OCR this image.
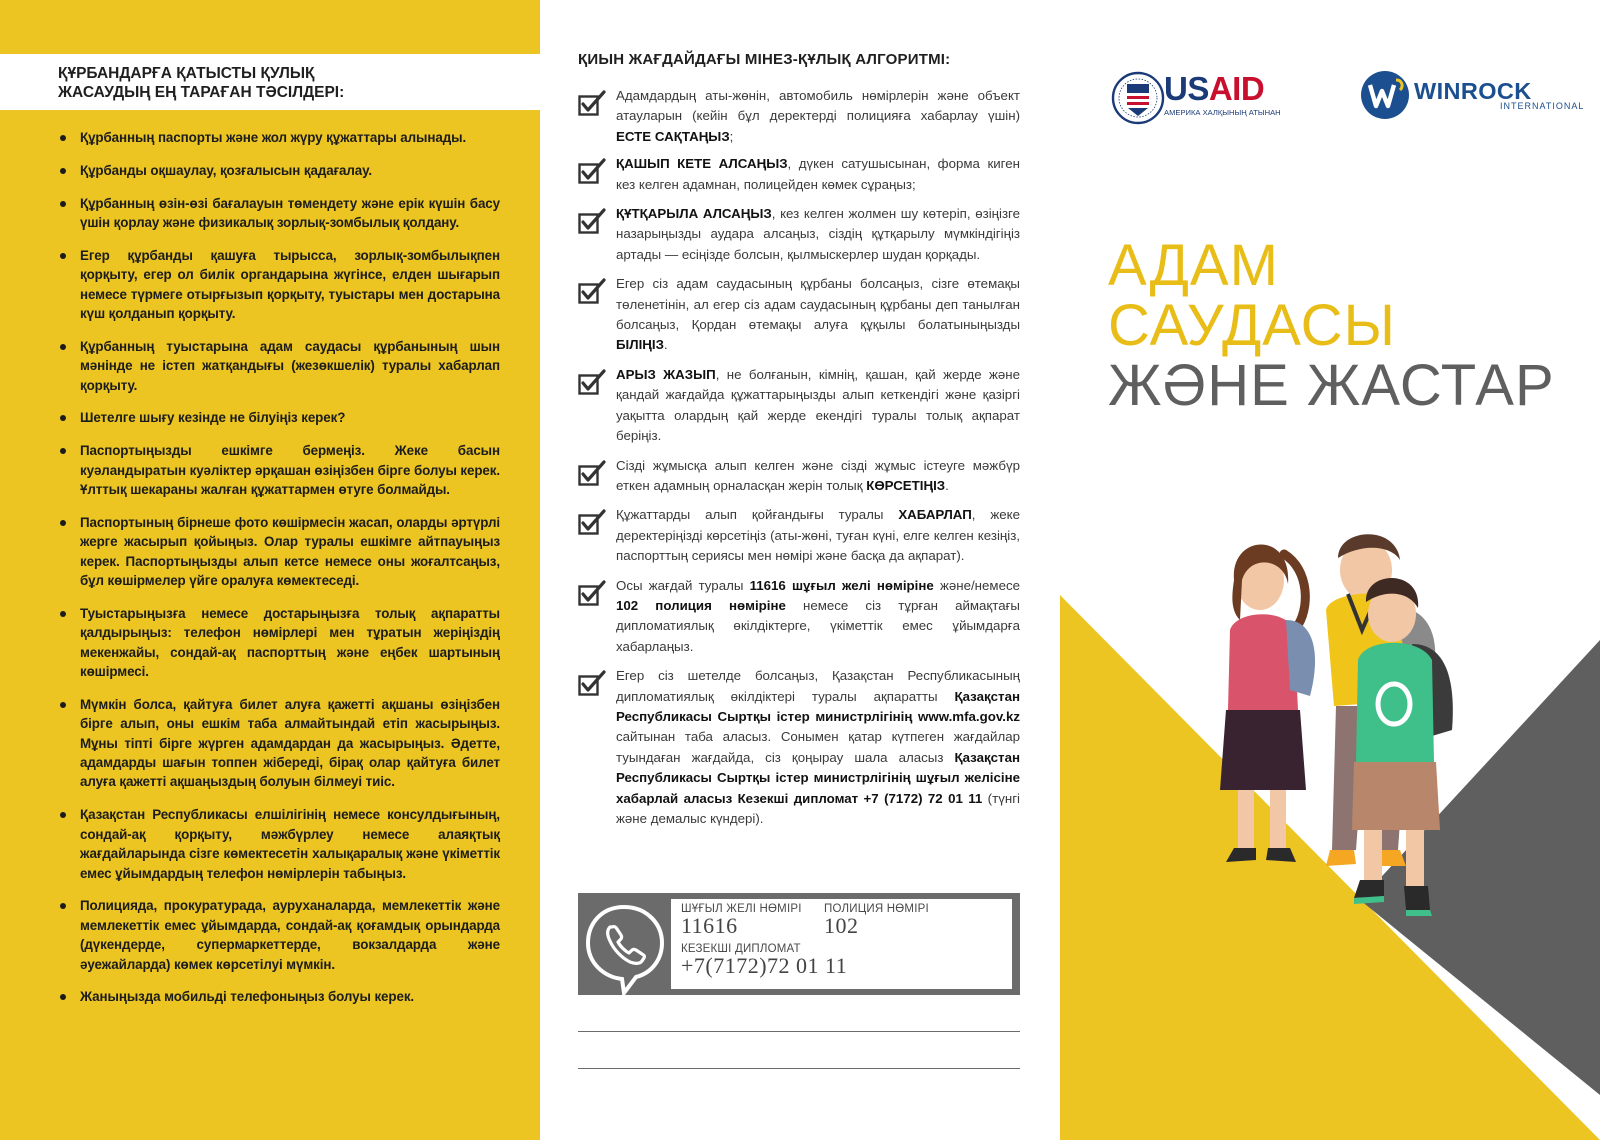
ҚҰРБАНДАРҒА ҚАТЫСТЫ ҚУЛЫҚ
ЖАСАУДЫҢ ЕҢ ТАРАҒАН ТӘСІЛДЕРІ:
Құрбанның паспорты және жол жүру құжаттары алынады.
Құрбанды оқшаулау, қозғалысын қадағалау.
Құрбанның өзін-өзі бағалауын төмендету және ерік күшін басу үшін қорлау және физикалық зорлық-зомбылық қолдану.
Егер құрбанды қашуға тырысса, зорлық-зомбылықпен қорқыту, егер ол билік органдарына жүгінсе, елден шығарып немесе түрмеге отырғызып қорқыту, туыстары мен достарына күш қолданып қорқыту.
Құрбанның туыстарына адам саудасы құрбанының шын мәнінде не істеп жатқандығы (жезөкшелік) туралы хабарлап қорқыту.
Шетелге шығу кезінде не білуіңіз керек?
Паспортыңызды ешкімге бермеңіз. Жеке басын куәландыратын куәліктер әрқашан өзіңізбен бірге болуы керек. Ұлттық шекараны жалған құжаттармен өтуге болмайды.
Паспортының бірнеше фото көшірмесін жасап, оларды әртүрлі жерге жасырып қойыңыз. Олар туралы ешкімге айтпауыңыз керек. Паспортыңызды алып кетсе немесе оны жоғалтсаңыз, бұл көшірмелер үйге оралуға көмектеседі.
Туыстарыңызға немесе достарыңызға толық ақпаратты қалдырыңыз: телефон нөмірлері мен тұратын жеріңіздің мекенжайы, сондай-ақ паспорттың және еңбек шартының көшірмесі.
Мүмкін болса, қайтуға билет алуға қажетті ақшаны өзіңізбен бірге алып, оны ешкім таба алмайтындай етіп жасырыңыз. Мұны тіпті бірге жүрген адамдардан да жасырыңыз. Әдетте, адамдарды шағын топпен жібереді, бірақ олар қайтуға билет алуға қажетті ақшаңыздың болуын білмеуі тиіс.
Қазақстан Республикасы елшілігінің немесе консулдығының, сондай-ақ қорқыту, мәжбүрлеу немесе алаяқтық жағдайларында сізге көмектесетін халықаралық және үкіметтік емес ұйымдардың телефон нөмірлерін табыңыз.
Полицияда, прокуратурада, ауруханаларда, мемлекеттік және мемлекеттік емес ұйымдарда, сондай-ақ қоғамдық орындарда (дүкендерде, супермаркеттерде, вокзалдарда және әуежайларда) көмек көрсетілуі мүмкін.
Жаныңызда мобильді телефоныңыз болуы керек.
ҚИЫН ЖАҒДАЙДАҒЫ МІНЕЗ-ҚҰЛЫҚ АЛГОРИТМІ:
Адамдардың аты-жөнін, автомобиль нөмірлерін және объект атауларын (кейін бұл деректерді полицияға хабарлау үшін) ЕСТЕ САҚТАҢЫЗ;
ҚАШЫП КЕТЕ АЛСАҢЫЗ, дүкен сатушысынан, форма киген кез келген адамнан, полицейден көмек сұраңыз;
ҚҰТҚАРЫЛА АЛСАҢЫЗ, кез келген жолмен шу көтеріп, өзіңізге назарыңызды аудара алсаңыз, сіздің құтқарылу мүмкіндігіңіз артады — есіңізде болсын, қылмыскерлер шудан қорқады.
Егер сіз адам саудасының құрбаны болсаңыз, сізге өтемақы төленетінін, ал егер сіз адам саудасының құрбаны деп танылған болсаңыз, Қордан өтемақы алуға құқылы болатыныңызды БІЛІҢІЗ.
АРЫЗ ЖАЗЫП, не болғанын, кімнің, қашан, қай жерде және қандай жағдайда құжаттарыңызды алып кеткендігі және қазіргі уақытта олардың қай жерде екендігі туралы толық ақпарат беріңіз.
Сізді жұмысқа алып келген және сізді жұмыс істеуге мәжбүр еткен адамның орналасқан жерін толық КӨРСЕТІҢІЗ.
Құжаттарды алып қойғандығы туралы ХАБАРЛАП, жеке деректеріңізді көрсетіңіз (аты-жөні, туған күні, елге келген кезіңіз, паспорттың сериясы мен нөмірі және басқа да ақпарат).
Осы жағдай туралы 11616 шұғыл желі нөміріне және/немесе 102 полиция нөміріне немесе сіз тұрған аймақтағы дипломатиялық өкілдіктерге, үкіметтік емес ұйымдарға хабарлаңыз.
Егер сіз шетелде болсаңыз, Қазақстан Республикасының дипломатиялық өкілдіктері туралы ақпаратты Қазақстан Республикасы Сыртқы істер министрлігінің www.mfa.gov.kz сайтынан таба аласыз. Сонымен қатар күтпеген жағдайлар туындаған жағдайда, сіз қоңырау шала аласыз Қазақстан Республикасы Сыртқы істер министрлігінің шұғыл желісіне хабарлай аласыз Кезекші дипломат +7 (7172) 72 01 11 (түнгі және демалыс күндері).
ШҰҒЫЛ ЖЕЛІ НӨМІРІ ПОЛИЦИЯ НӨМІРІ
11616	102
КЕЗЕКШІ ДИПЛОМАТ
+7(7172)72 01 11
USAID
АМЕРИКА ХАЛҚЫНЫҢ АТЫНАН
WINROCK
INTERNATIONAL
АДАМ
САУДАСЫ
ЖӘНЕ ЖАСТАР
